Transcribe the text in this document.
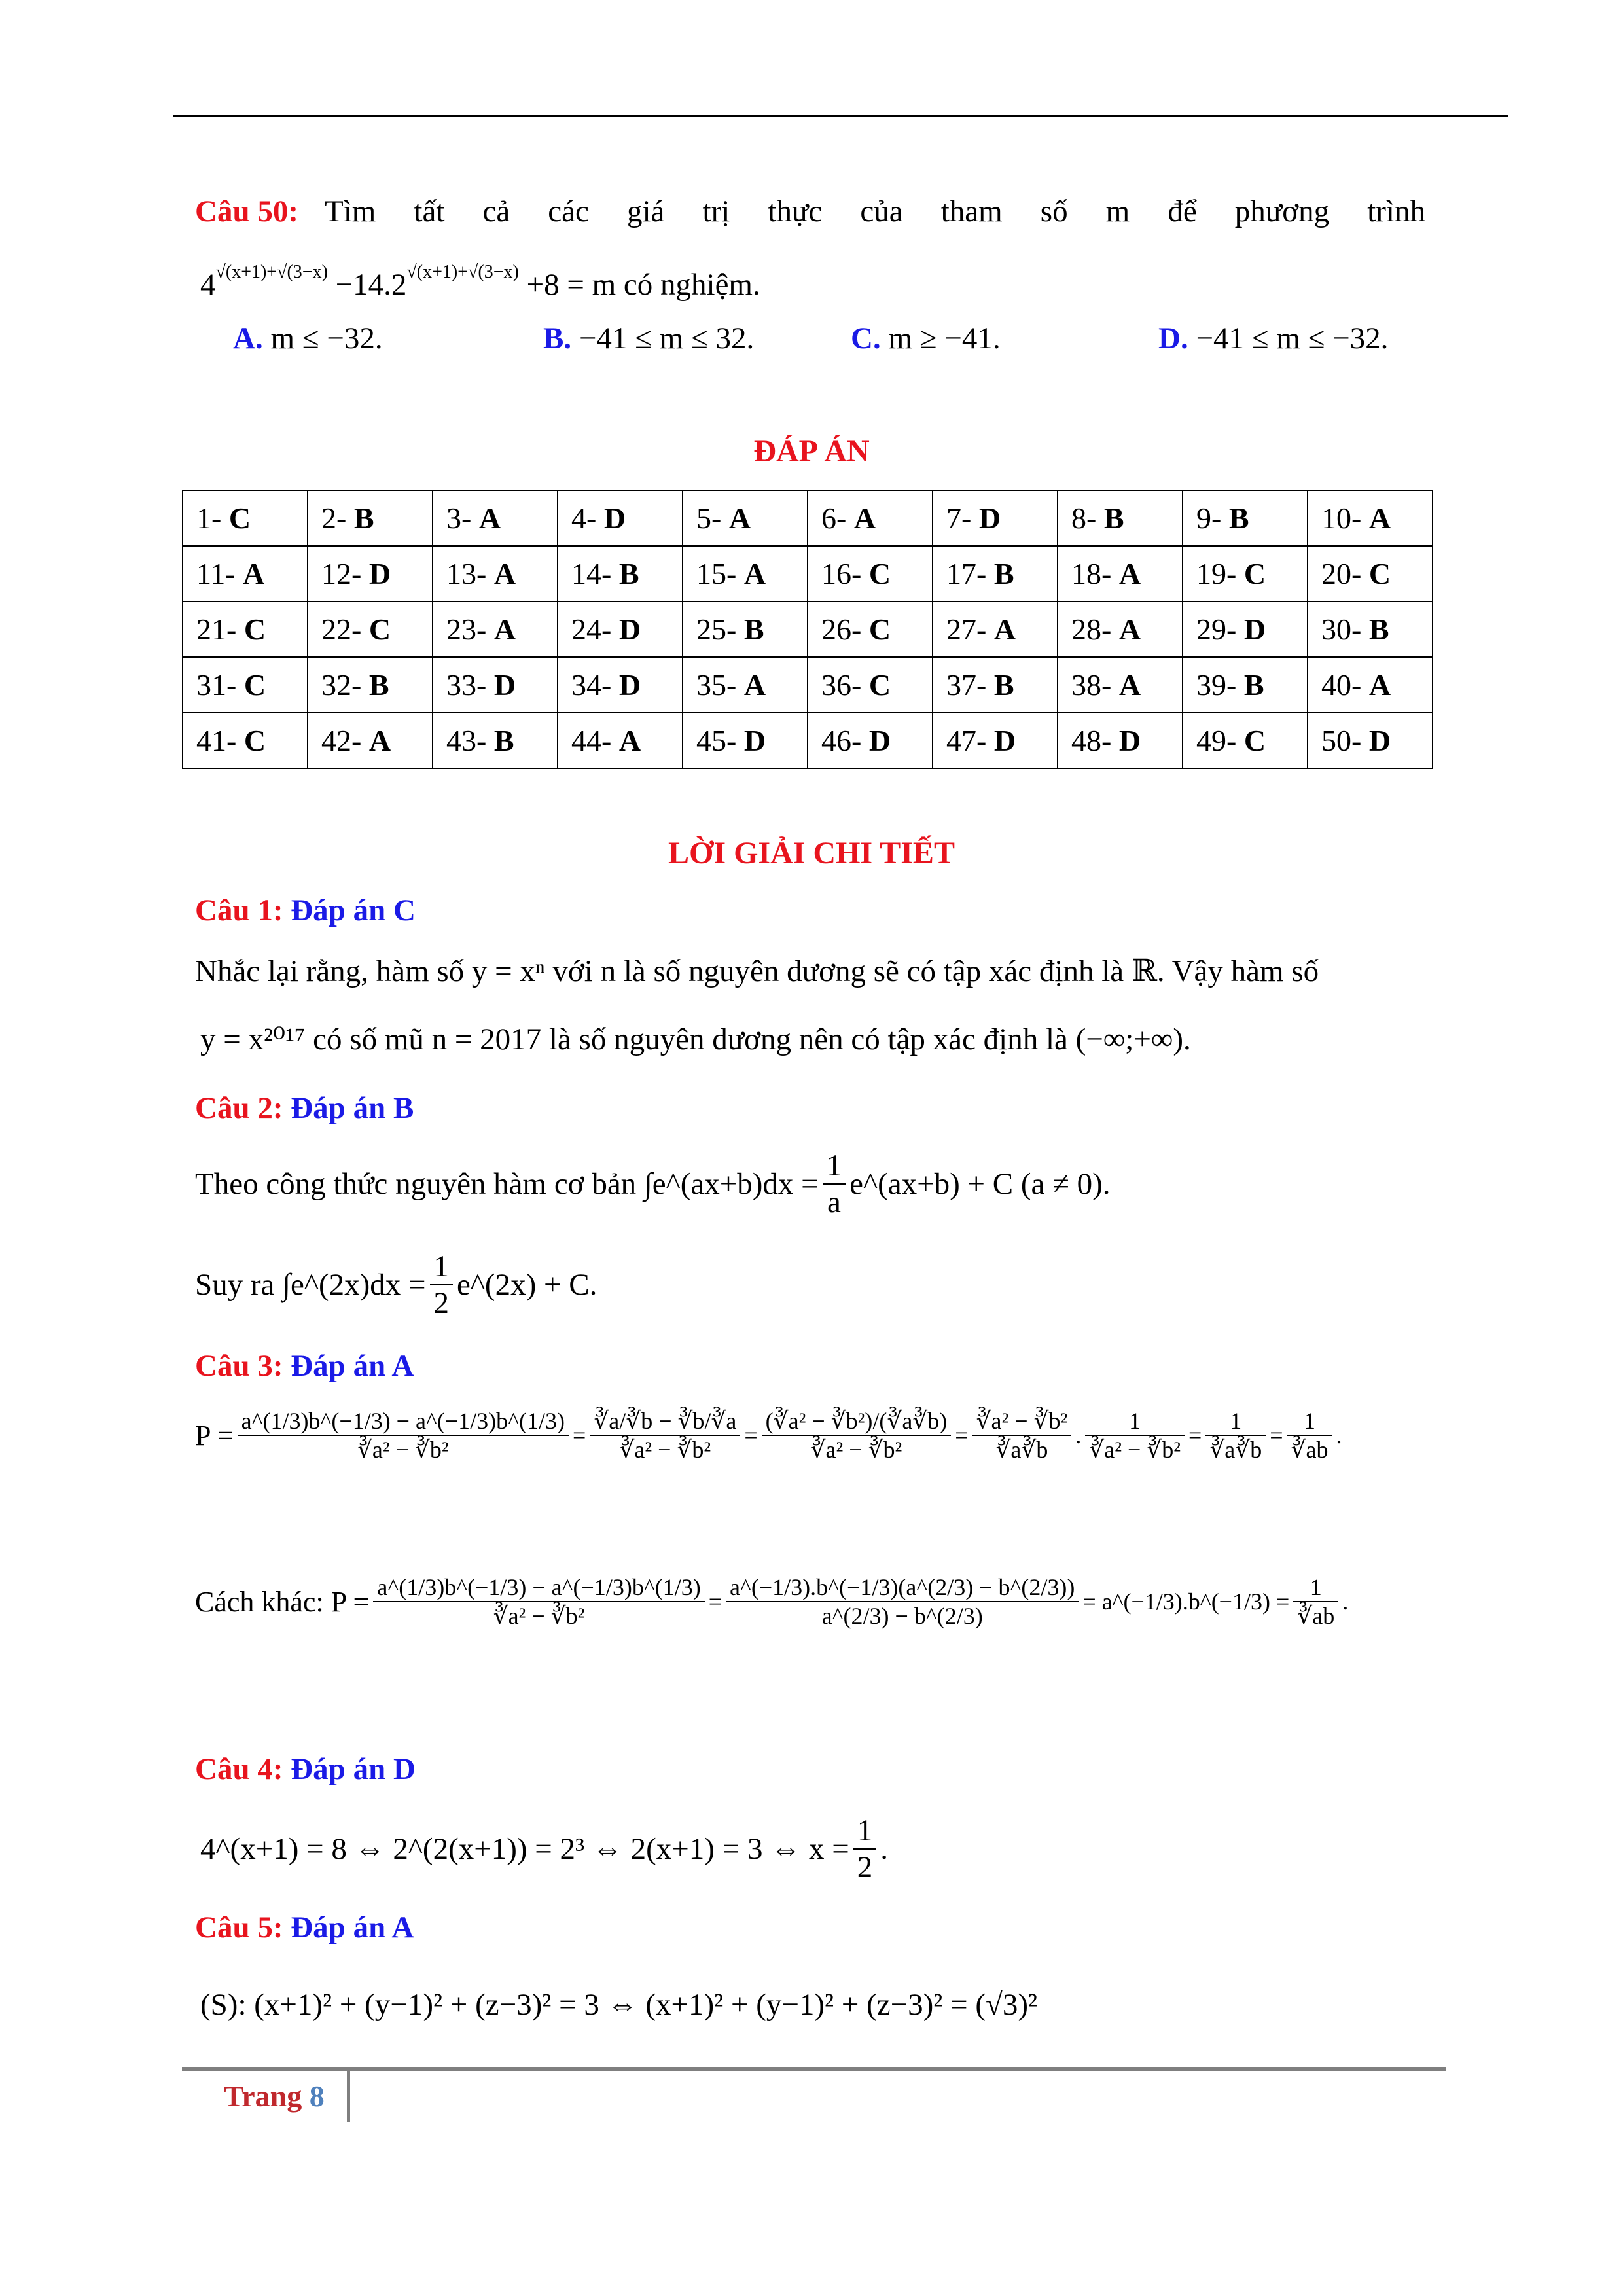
Câu 50: Tìm tất cả các giá trị thực của tham số m để phương trình
$4^{√(x+1)+√(3-x)} -14.2^{√(x+1)+√(3-x)} +8 = m$ có nghiệm.
A. m ≤ −32.	B. −41 ≤ m ≤ 32.	C. m ≥ −41.	D. −41 ≤ m ≤ −32.
ĐÁP ÁN
1- C	2- B	3- A	4- D	5- A	6- A	7- D	8- B	9- B	10- A
11- A	12- D	13- A	14- B	15- A	16- C	17- B	18- A	19- C	20- C
21- C	22- C	23- A	24- D	25- B	26- C	27- A	28- A	29- D	30- B
31- C	32- B	33- D	34- D	35- A	36- C	37- B	38- A	39- B	40- A
41- C	42- A	43- B	44- A	45- D	46- D	47- D	48- D	49- C	50- D
LỜI GIẢI CHI TIẾT
Câu 1: Đáp án C
Nhắc lại rằng, hàm số y = xⁿ với n là số nguyên dương sẽ có tập xác định là ℝ. Vậy hàm số
y = x²⁰¹⁷ có số mũ n = 2017 là số nguyên dương nên có tập xác định là (−∞;+∞).
Câu 2: Đáp án B
Theo công thức nguyên hàm cơ bản
∫e^(ax+b)dx = $\frac{1}{a}$ e^(ax+b) + C (a ≠ 0).
Suy ra
∫e^(2x)dx = $\frac{1}{2}$ e^(2x) + C.
Câu 3: Đáp án A
$P = \frac{a\^{}(1/3)b\^{}(-1/3) - a\^{}(-1/3)b\^{}(1/3)}{\text{∛a² − ∛b²}} = \frac{∛a/∛b - ∛b/∛a}{\text{∛a² − ∛b²}} = \frac{\text{(∛a² − ∛b²)/(∛a∛b)}}{\text{∛a² − ∛b²}} = \frac{\text{∛a² − ∛b²}}{∛a∛b}$ . $\frac{1}{\text{∛a² − ∛b²}} = \frac{1}{∛a∛b} = \frac{1}{∛ab}$ .
Cách khác: $P = \frac{a\^{}(1/3)b\^{}(-1/3) - a\^{}(-1/3)b\^{}(1/3)}{\text{∛a² − ∛b²}} = \frac{a\^{}(-1/3).b\^{}(-1/3)(a\^{}(2/3) - b\^{}(2/3))}{a\^{}(2/3) - b\^{}(2/3)}$ = a^(−1/3).b^(−1/3) = $\frac{1}{∛ab}$ .
Câu 4: Đáp án D
4^(x+1) = 8 ⇔ 2^(2(x+1)) = 2³ ⇔ 2(x+1) = 3 ⇔ $x = \frac{1}{2}$ .
Câu 5: Đáp án A
(S): (x+1)² + (y−1)² + (z−3)² = 3 ⇔ (x+1)² + (y−1)² + (z−3)² = (√3)²
Trang 8
